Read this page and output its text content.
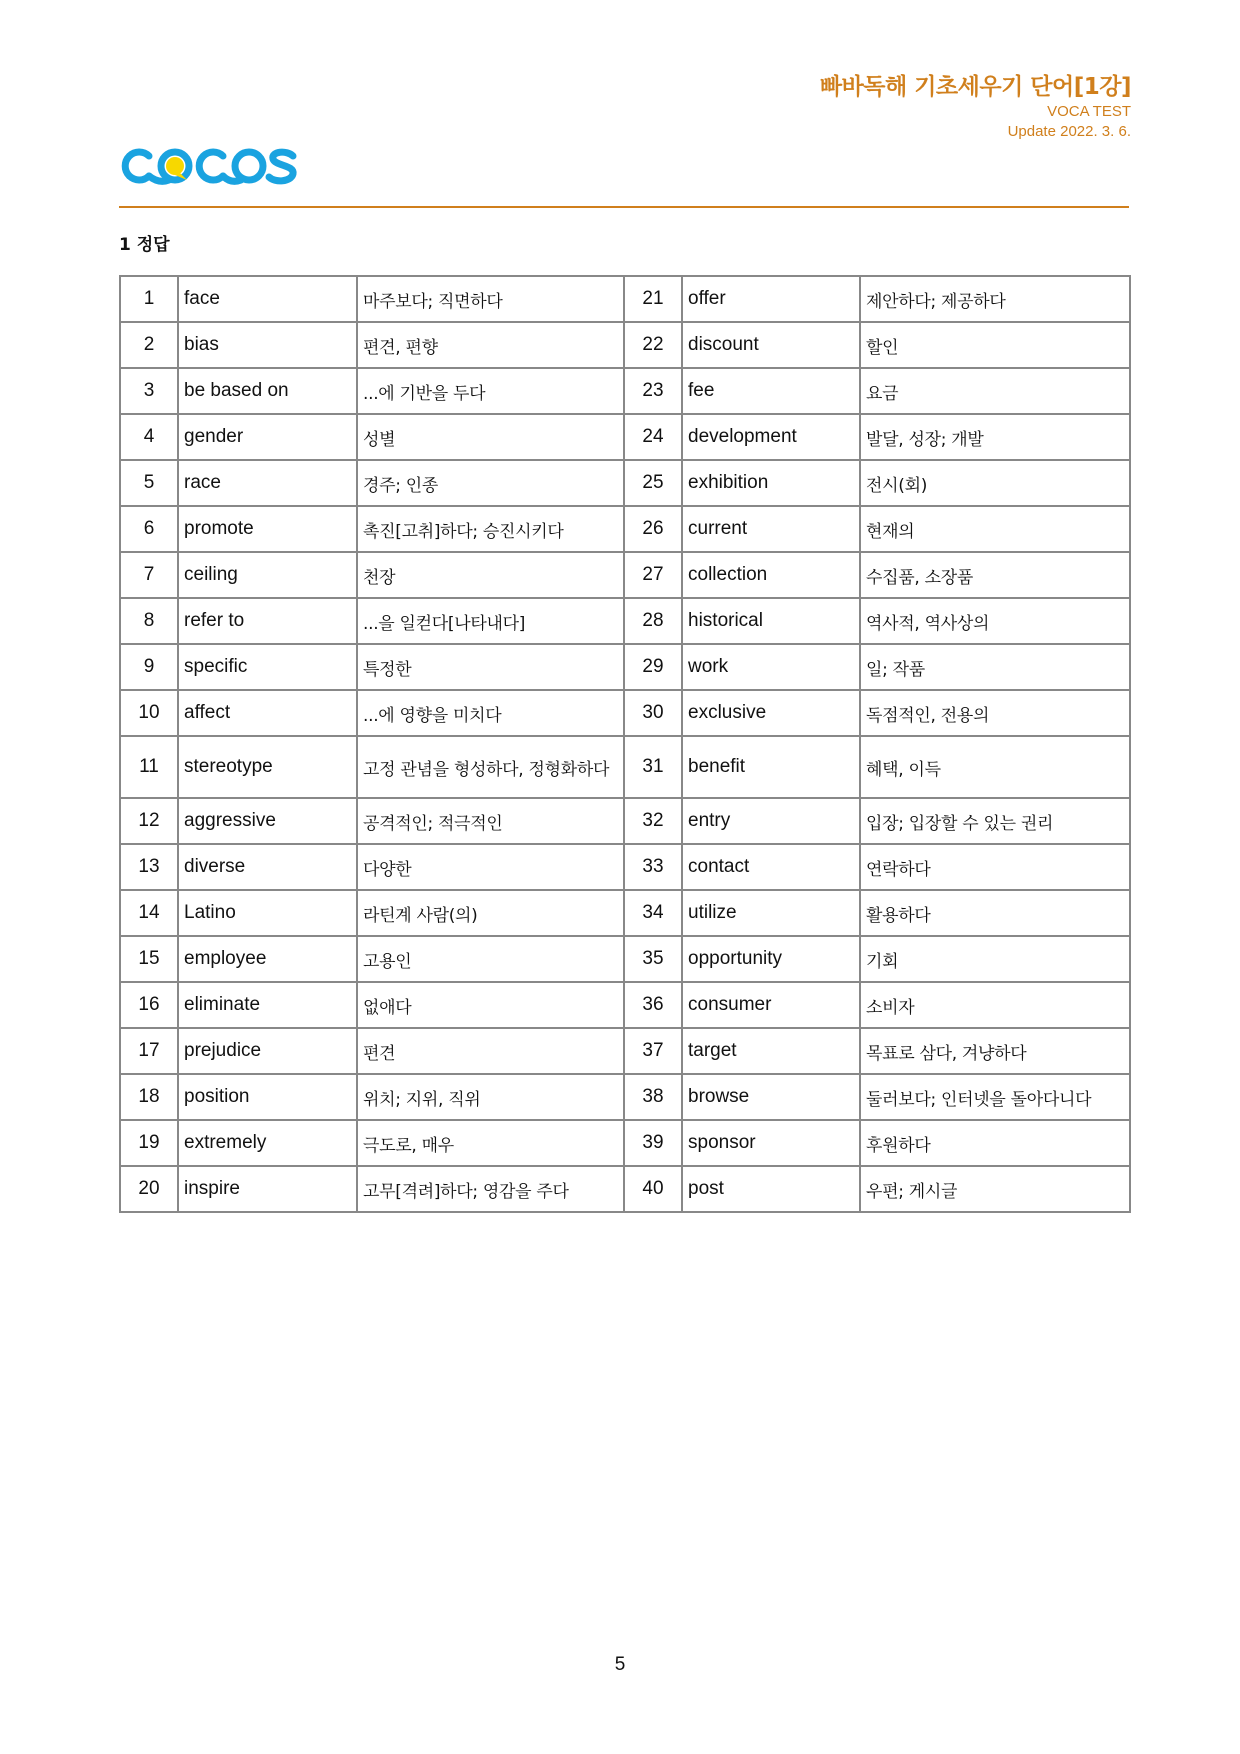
빠바독해 기초세우기 단어[1강]
VOCA TEST
Update 2022. 3. 6.
1 정답
1	face	마주보다; 직면하다	21	offer	제안하다; 제공하다
2	bias	편견, 편향	22	discount	할인
3	be based on	...에 기반을 두다	23	fee	요금
4	gender	성별	24	development	발달, 성장; 개발
5	race	경주; 인종	25	exhibition	전시(회)
6	promote	촉진[고취]하다; 승진시키다	26	current	현재의
7	ceiling	천장	27	collection	수집품, 소장품
8	refer to	...을 일컫다[나타내다]	28	historical	역사적, 역사상의
9	specific	특정한	29	work	일; 작품
10	affect	...에 영향을 미치다	30	exclusive	독점적인, 전용의
11	stereotype	고정 관념을 형성하다, 정형화하다	31	benefit	혜택, 이득
12	aggressive	공격적인; 적극적인	32	entry	입장; 입장할 수 있는 권리
13	diverse	다양한	33	contact	연락하다
14	Latino	라틴계 사람(의)	34	utilize	활용하다
15	employee	고용인	35	opportunity	기회
16	eliminate	없애다	36	consumer	소비자
17	prejudice	편견	37	target	목표로 삼다, 겨냥하다
18	position	위치; 지위, 직위	38	browse	둘러보다; 인터넷을 돌아다니다
19	extremely	극도로, 매우	39	sponsor	후원하다
20	inspire	고무[격려]하다; 영감을 주다	40	post	우편; 게시글
5
